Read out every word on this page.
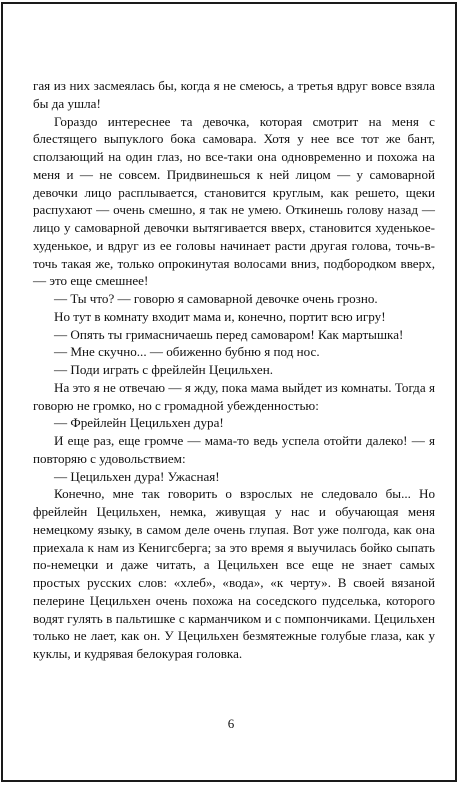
гая из них засмеялась бы, когда я не смеюсь, а третья вдруг вовсе взяла бы да ушла!

Гораздо интереснее та девочка, которая смотрит на меня с блестящего выпуклого бока самовара. Хотя у нее все тот же бант, сползающий на один глаз, но все-таки она одновременно и похожа на меня и — не совсем. Придвинешься к ней лицом — у самоварной девочки лицо расплывается, становится круглым, как решето, щеки распухают — очень смешно, я так не умею. Откинешь голову назад — лицо у самоварной девочки вытягивается вверх, становится худенькое-худенькое, и вдруг из ее головы начинает расти другая голова, точь-в-точь такая же, только опрокинутая волосами вниз, подбородком вверх, — это еще смешнее!

— Ты что? — говорю я самоварной девочке очень грозно.

Но тут в комнату входит мама и, конечно, портит всю игру!

— Опять ты гримасничаешь перед самоваром! Как мартышка!

— Мне скучно... — обиженно бубню я под нос.

— Поди играть с фрейлейн Цецильхен.

На это я не отвечаю — я жду, пока мама выйдет из комнаты. Тогда я говорю не громко, но с громадной убежденностью:

— Фрейлейн Цецильхен дура!

И еще раз, еще громче — мама-то ведь успела отойти далеко! — я повторяю с удовольствием:

— Цецильхен дура! Ужасная!

Конечно, мне так говорить о взрослых не следовало бы... Но фрейлейн Цецильхен, немка, живущая у нас и обучающая меня немецкому языку, в самом деле очень глупая. Вот уже полгода, как она приехала к нам из Кенигсберга; за это время я выучилась бойко сыпать по-немецки и даже читать, а Цецильхен все еще не знает самых простых русских слов: «хлеб», «вода», «к черту». В своей вязаной пелерине Цецильхен очень похожа на соседского пудселька, которого водят гулять в пальтишке с карманчиком и с помпончиками. Цецильхен только не лает, как он. У Цецильхен безмятежные голубые глаза, как у куклы, и кудрявая белокурая головка.

6
